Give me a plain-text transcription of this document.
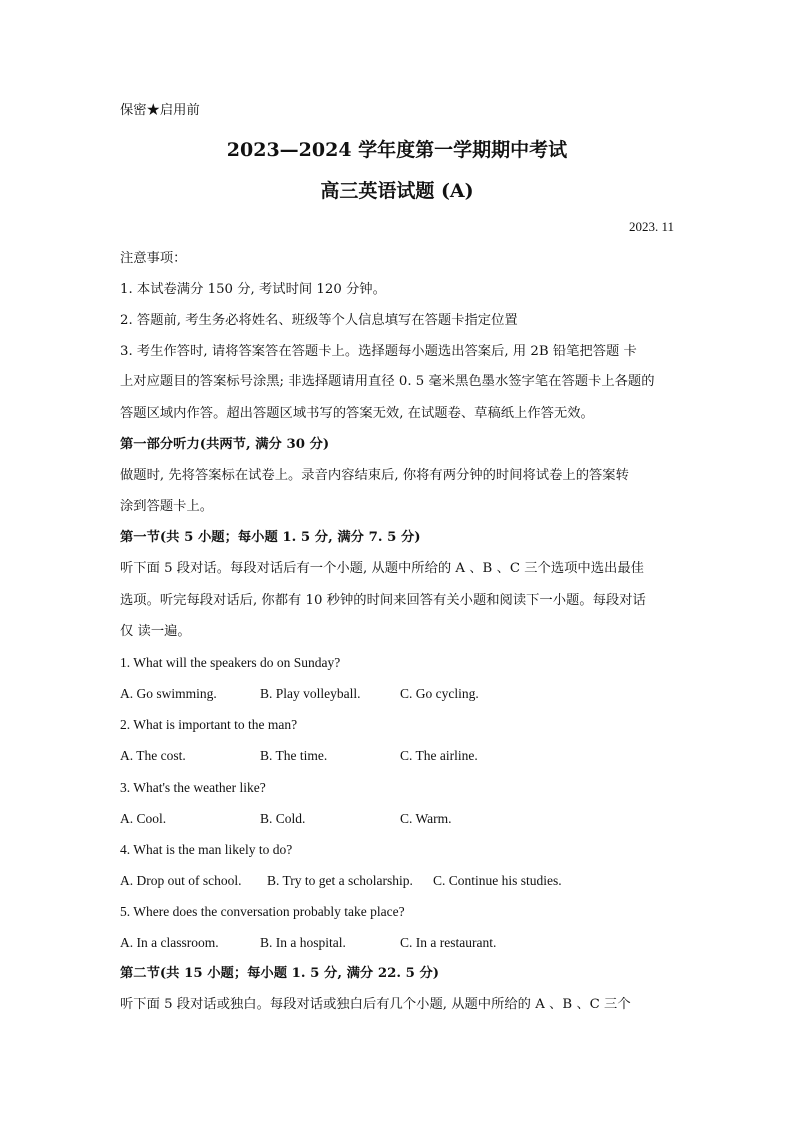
保密★启用前
2023—2024 学年度第一学期期中考试
高三英语试题 (A)
2023. 11
注意事项：
1. 本试卷满分 150 分, 考试时间 120 分钟。
2. 答题前, 考生务必将姓名、班级等个人信息填写在答题卡指定位置
3. 考生作答时, 请将答案答在答题卡上。选择题每小题选出答案后, 用 2B 铅笔把答题 卡
上对应题目的答案标号涂黑; 非选择题请用直径 0. 5 毫米黑色墨水签字笔在答题卡上各题的
答题区域内作答。超出答题区域书写的答案无效, 在试题卷、草稿纸上作答无效。
第一部分听力(共两节, 满分 30 分)
做题时, 先将答案标在试卷上。录音内容结束后, 你将有两分钟的时间将试卷上的答案转
涂到答题卡上。
第一节(共 5 小题；每小题 1. 5 分, 满分 7. 5 分)
听下面 5 段对话。每段对话后有一个小题, 从题中所给的 A 、B 、C 三个选项中选出最佳
选项。听完每段对话后, 你都有 10 秒钟的时间来回答有关小题和阅读下一小题。每段对话
仅 读一遍。
1. What will the speakers do on Sunday?
A. Go swimming.	B. Play volleyball.	C. Go cycling.
2. What is important to the man?
A. The cost.	B. The time.	C. The airline.
3. What's the weather like?
A. Cool.	B. Cold.	C. Warm.
4. What is the man likely to do?
A. Drop out of school. B. Try to get a scholarship. C. Continue his studies.
5. Where does the conversation probably take place?
A. In a classroom.	B. In a hospital.	C. In a restaurant.
第二节(共 15 小题；每小题 1. 5 分, 满分 22. 5 分)
听下面 5 段对话或独白。每段对话或独白后有几个小题, 从题中所给的 A 、B 、C 三个
